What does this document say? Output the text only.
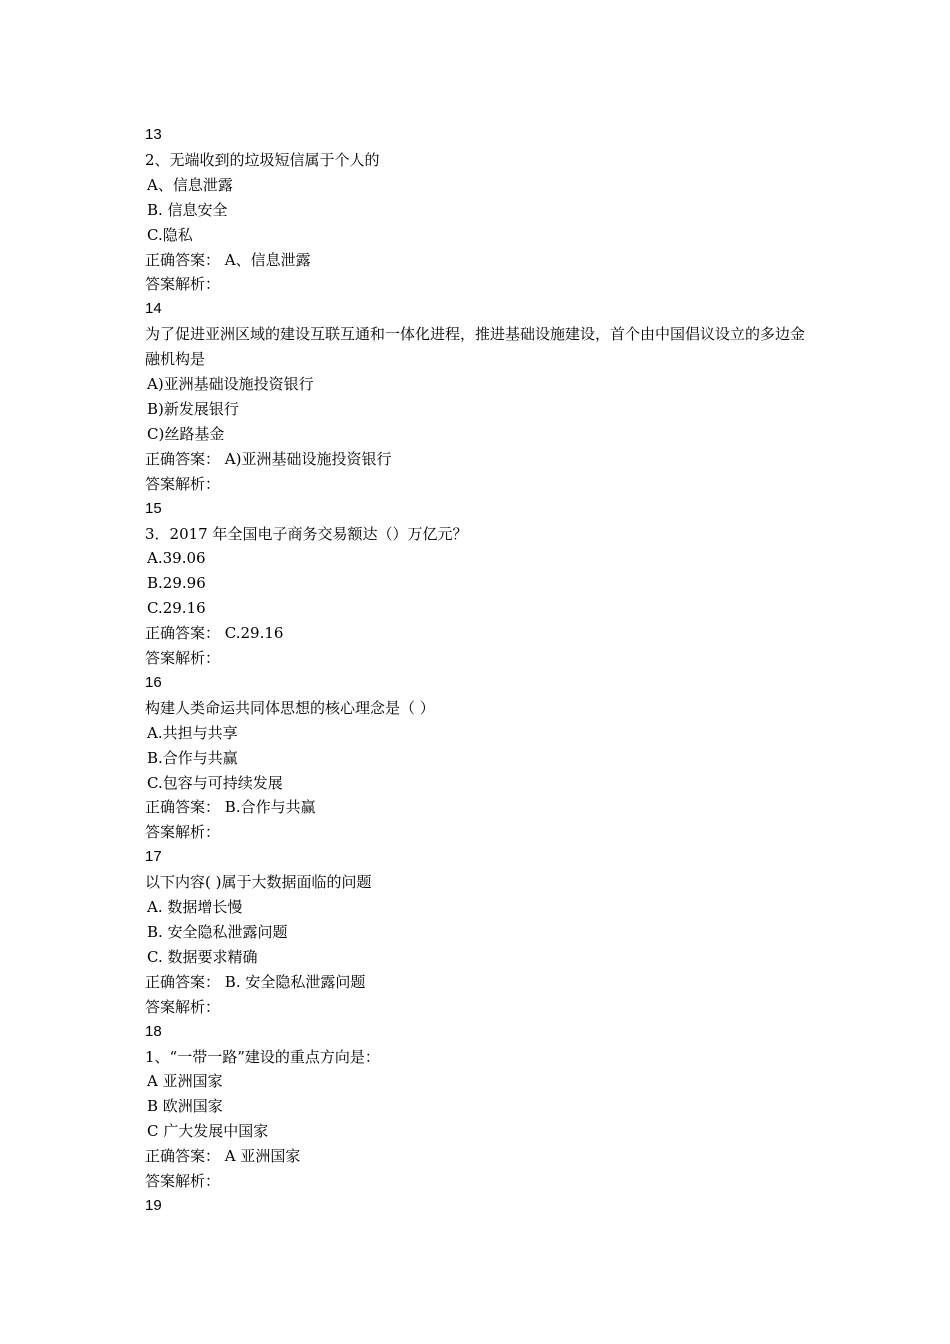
13

2、无端收到的垃圾短信属于个人的

A、信息泄露

B. 信息安全

C.隐私

正确答案： A、信息泄露

答案解析：

14

为了促进亚洲区域的建设互联互通和一体化进程，推进基础设施建设，首个由中国倡议设立的多边金融机构是

A)亚洲基础设施投资银行

B)新发展银行

C)丝路基金

正确答案： A)亚洲基础设施投资银行

答案解析：

15

3．2017 年全国电子商务交易额达（）万亿元？

A.39.06

B.29.96

C.29.16

正确答案： C.29.16

答案解析：

16

构建人类命运共同体思想的核心理念是（ ）

A.共担与共享

B.合作与共赢

C.包容与可持续发展

正确答案： B.合作与共赢

答案解析：

17

以下内容( )属于大数据面临的问题

A. 数据增长慢

B. 安全隐私泄露问题

C. 数据要求精确

正确答案： B. 安全隐私泄露问题

答案解析：

18

1、“一带一路”建设的重点方向是：

A 亚洲国家

B 欧洲国家

C 广大发展中国家

正确答案： A 亚洲国家

答案解析：

19
